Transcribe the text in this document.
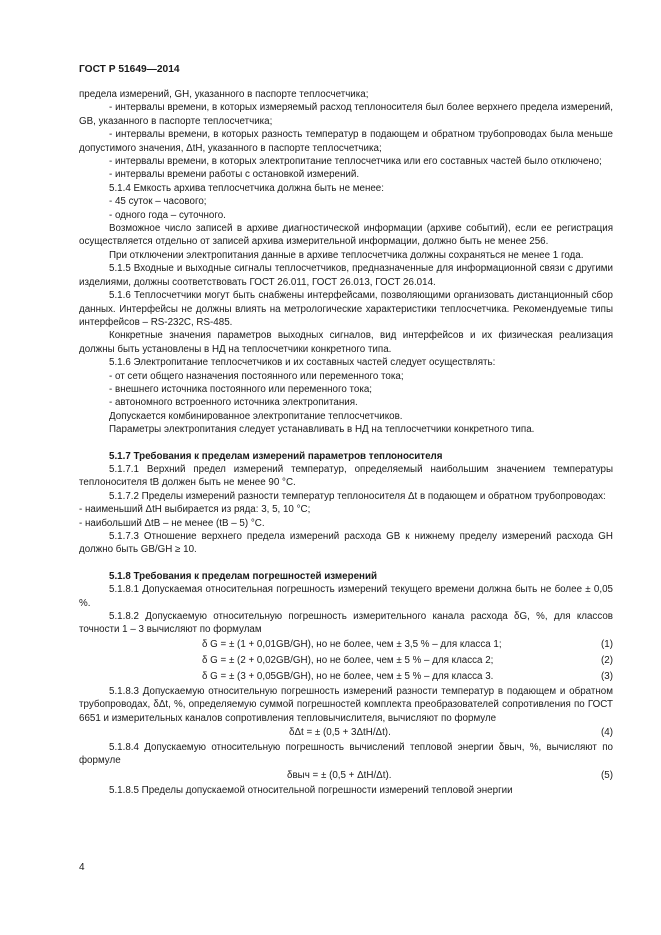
ГОСТ Р 51649—2014

предела измерений, GH, указанного в паспорте теплосчетчика;

- интервалы времени, в которых измеряемый расход теплоносителя был более верхнего предела измерений, GB, указанного в паспорте теплосчетчика;

- интервалы времени, в которых разность температур в подающем и обратном трубопроводах была меньше допустимого значения, ΔtH, указанного в паспорте теплосчетчика;

- интервалы времени, в которых электропитание теплосчетчика или его составных частей было отключено;

- интервалы времени работы с остановкой измерений.

5.1.4 Емкость архива теплосчетчика должна быть не менее:

- 45 суток – часового;

- одного года – суточного.

Возможное число записей в архиве диагностической информации (архиве событий), если ее регистрация осуществляется отдельно от записей архива измерительной информации, должно быть не менее 256.

При отключении электропитания данные в архиве теплосчетчика должны сохраняться не менее 1 года.

5.1.5 Входные и выходные сигналы теплосчетчиков, предназначенные для информационной связи с другими изделиями, должны соответствовать ГОСТ 26.011, ГОСТ 26.013, ГОСТ 26.014.

5.1.6 Теплосчетчики могут быть снабжены интерфейсами, позволяющими организовать дистанционный сбор данных. Интерфейсы не должны влиять на метрологические характеристики теплосчетчика. Рекомендуемые типы интерфейсов – RS-232C, RS-485.

Конкретные значения параметров выходных сигналов, вид интерфейсов и их физическая реализация должны быть установлены в НД на теплосчетчики конкретного типа.

5.1.6 Электропитание теплосчетчиков и их составных частей следует осуществлять:

- от сети общего назначения постоянного или переменного тока;

- внешнего источника постоянного или переменного тока;

- автономного встроенного источника электропитания.

Допускается комбинированное электропитание теплосчетчиков.

Параметры электропитания следует устанавливать в НД на теплосчетчики конкретного типа.

5.1.7 Требования к пределам измерений параметров теплоносителя

5.1.7.1 Верхний предел измерений температур, определяемый наибольшим значением температуры теплоносителя tB должен быть не менее 90 °С.

5.1.7.2 Пределы измерений разности температур теплоносителя Δt в подающем и обратном трубопроводах:

- наименьший ΔtH выбирается из ряда: 3, 5, 10 °С;

- наибольший ΔtB – не менее (tB – 5) °С.

5.1.7.3 Отношение верхнего предела измерений расхода GB к нижнему пределу измерений расхода GH должно быть GB/GH ≥ 10.

5.1.8 Требования к пределам погрешностей измерений

5.1.8.1 Допускаемая относительная погрешность измерений текущего времени должна быть не более ± 0,05 %.

5.1.8.2 Допускаемую относительную погрешность измерительного канала расхода δG, %, для классов точности 1 – 3 вычисляют по формулам

δ G = ± (1 + 0,01GB/GH), но не более, чем ± 3,5 % – для класса 1;	(1)
δ G = ± (2 + 0,02GB/GH), но не более, чем ± 5 % – для класса 2;	(2)
δ G = ± (3 + 0,05GB/GH), но не более, чем ± 5 % – для класса 3.	(3)

5.1.8.3 Допускаемую относительную погрешность измерений разности температур в подающем и обратном трубопроводах, δΔt, %, определяемую суммой погрешностей комплекта преобразователей сопротивления по ГОСТ 6651 и измерительных каналов сопротивления тепловычислителя, вычисляют по формуле

δΔt = ± (0,5 + 3ΔtH/Δt).	(4)

5.1.8.4 Допускаемую относительную погрешность вычислений тепловой энергии δвыч, %, вычисляют по формуле

δвыч = ± (0,5 + ΔtH/Δt).	(5)

5.1.8.5 Пределы допускаемой относительной погрешности измерений тепловой энергии

4
